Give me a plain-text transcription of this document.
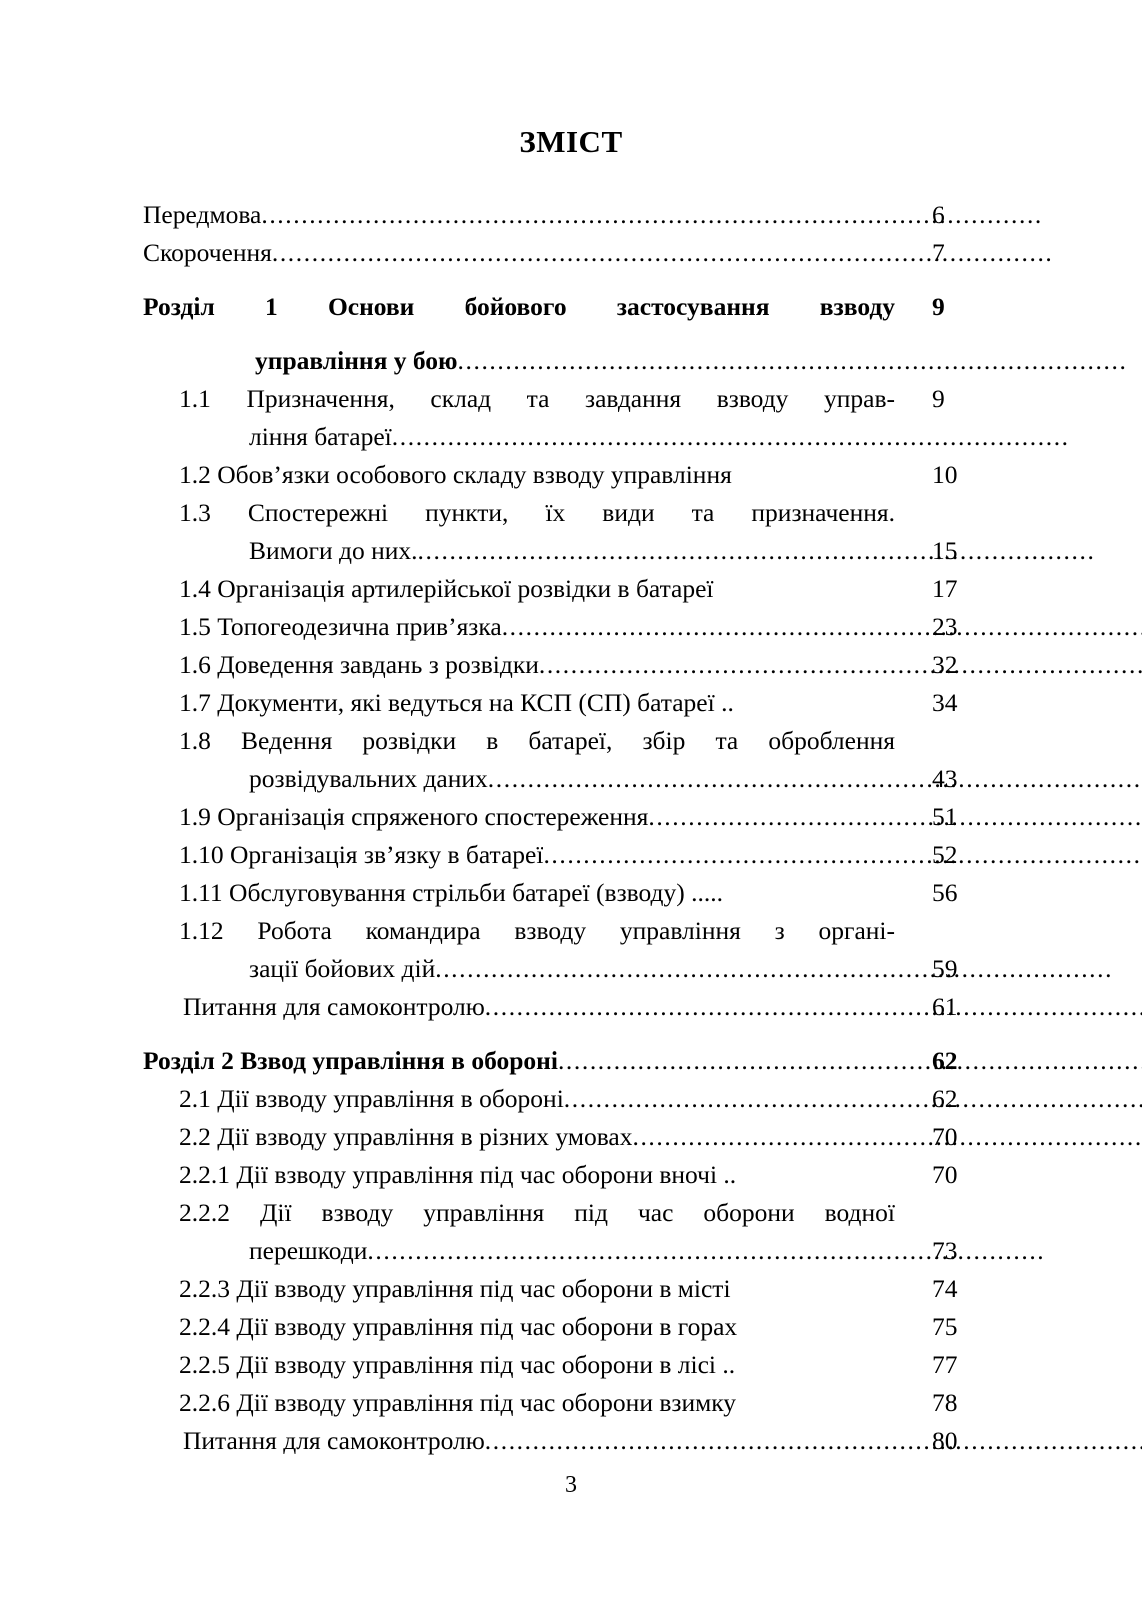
ЗМІСТ
Передмова .....	6
Скорочення .....	7
Розділ 1 Основи бойового застосування взводу 9
управління у бою.....
1.1 Призначення, склад та завдання взводу управ- 9
ління батареї.....
1.2 Обов’язки особового складу взводу управління	10
1.3 Спостережні пункти, їх види та призначення.
Вимоги до них. .....	15
1.4 Організація артилерійської розвідки в батареї	17
1.5 Топогеодезична прив’язка .....	23
1.6 Доведення завдань з розвідки .....	32
1.7 Документи, які ведуться на КСП (СП) батареї ..	34
1.8 Ведення розвідки в батареї, збір та оброблення
розвідувальних даних .....	43
1.9 Організація спряженого спостереження .....	51
1.10 Організація зв’язку в батареї .....	52
1.11 Обслуговування стрільби батареї (взводу) .....	56
1.12 Робота командира взводу управління з органі-
зації бойових дій .....	59
Питання для самоконтролю .....	61
Розділ 2 Взвод управління в обороні .....	62
2.1 Дії взводу управління в обороні .....	62
2.2 Дії взводу управління в різних умовах .....	70
2.2.1 Дії взводу управління під час оборони вночі ..	70
2.2.2 Дії взводу управління під час оборони водної
перешкоди .....	73
2.2.3 Дії взводу управління під час оборони в місті	74
2.2.4 Дії взводу управління під час оборони в горах	75
2.2.5 Дії взводу управління під час оборони в лісі ..	77
2.2.6 Дії взводу управління під час оборони взимку	78
Питання для самоконтролю .....	80
3
